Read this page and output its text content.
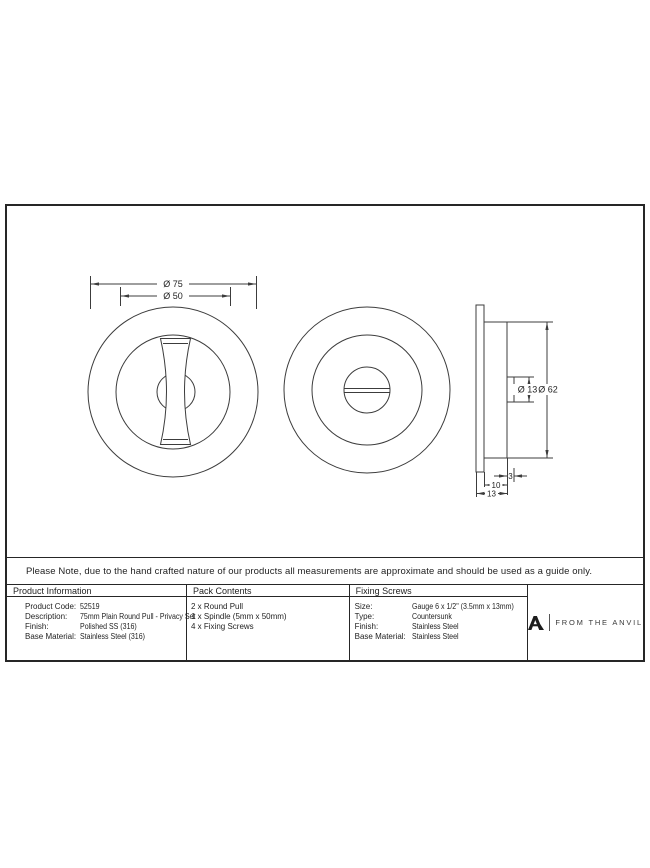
Ø 75
Ø 50
Ø 13 Ø 62
3
10
13
Please Note, due to the hand crafted nature of our products all measurements are approximate and should be used as a guide only.
Product Information
Product Code: 52519
Description:	75mm Plain Round Pull - Privacy Set
Finish:	Polished SS (316)
Base Material: Stainless Steel (316)
Pack Contents
2 x Round Pull
1 x Spindle (5mm x 50mm)
4 x Fixing Screws
Fixing Screws
Size:	Gauge 6 x 1/2" (3.5mm x 13mm)
Type:	Countersunk
Finish:	Stainless Steel
Base Material: Stainless Steel
FROM THE ANVIL
